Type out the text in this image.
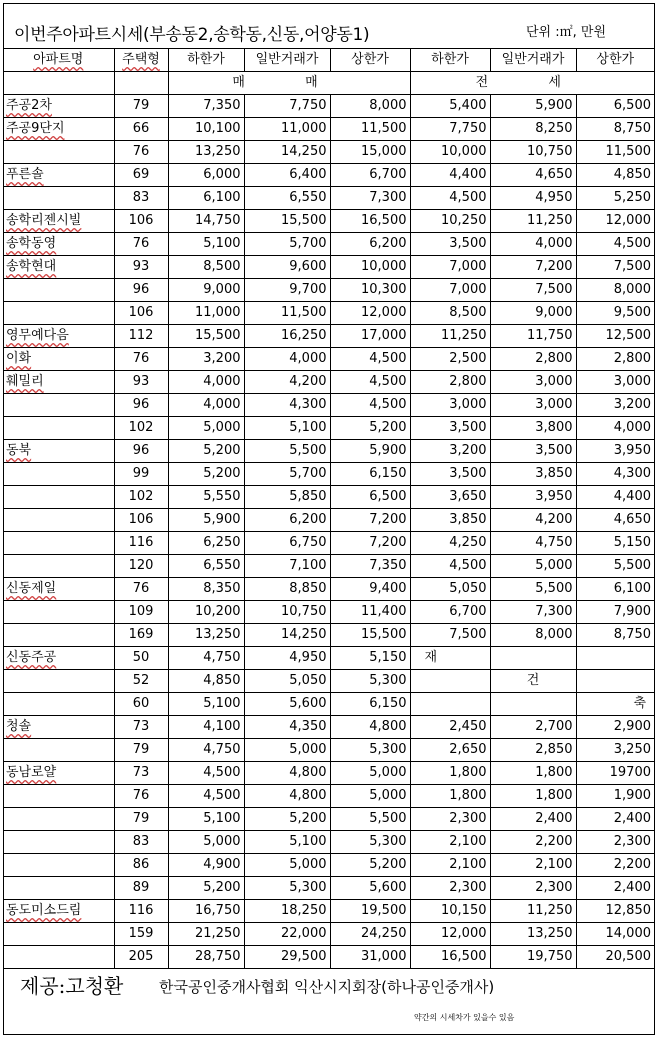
이번주아파트시세(부송동2,송학동,신동,어양동1)	단위 :㎡, 만원
아파트명	주택형	하한가	일반거래가	상한가	하한가	일반거래가	상한가
		매 매			전 세		
주공2차	79	7,350	7,750	8,000	5,400	5,900	6,500
주공9단지	66	10,100	11,000	11,500	7,750	8,250	8,750
	76	13,250	14,250	15,000	10,000	10,750	11,500
푸른솔	69	6,000	6,400	6,700	4,400	4,650	4,850
	83	6,100	6,550	7,300	4,500	4,950	5,250
송학리젠시빌	106	14,750	15,500	16,500	10,250	11,250	12,000
송학동영	76	5,100	5,700	6,200	3,500	4,000	4,500
송학현대	93	8,500	9,600	10,000	7,000	7,200	7,500
	96	9,000	9,700	10,300	7,000	7,500	8,000
	106	11,000	11,500	12,000	8,500	9,000	9,500
영무예다음	112	15,500	16,250	17,000	11,250	11,750	12,500
이화	76	3,200	4,000	4,500	2,500	2,800	2,800
훼밀리	93	4,000	4,200	4,500	2,800	3,000	3,000
	96	4,000	4,300	4,500	3,000	3,000	3,200
	102	5,000	5,100	5,200	3,500	3,800	4,000
동북	96	5,200	5,500	5,900	3,200	3,500	3,950
	99	5,200	5,700	6,150	3,500	3,850	4,300
	102	5,550	5,850	6,500	3,650	3,950	4,400
	106	5,900	6,200	7,200	3,850	4,200	4,650
	116	6,250	6,750	7,200	4,250	4,750	5,150
	120	6,550	7,100	7,350	4,500	5,000	5,500
신동제일	76	8,350	8,850	9,400	5,050	5,500	6,100
	109	10,200	10,750	11,400	6,700	7,300	7,900
	169	13,250	14,250	15,500	7,500	8,000	8,750
신동주공	50	4,750	4,950	5,150	재		
	52	4,850	5,050	5,300		건	
	60	5,100	5,600	6,150			축
청솔	73	4,100	4,350	4,800	2,450	2,700	2,900
	79	4,750	5,000	5,300	2,650	2,850	3,250
동남로얄	73	4,500	4,800	5,000	1,800	1,800	19700
	76	4,500	4,800	5,000	1,800	1,800	1,900
	79	5,100	5,200	5,500	2,300	2,400	2,400
	83	5,000	5,100	5,300	2,100	2,200	2,300
	86	4,900	5,000	5,200	2,100	2,100	2,200
	89	5,200	5,300	5,600	2,300	2,300	2,400
동도미소드림	116	16,750	18,250	19,500	10,150	11,250	12,850
	159	21,250	22,000	24,250	12,000	13,250	14,000
	205	28,750	29,500	31,000	16,500	19,750	20,500
제공:고청환 한국공인중개사협회 익산시지회장(하나공인중개사)
약간의 시세차가 있을수 있음
